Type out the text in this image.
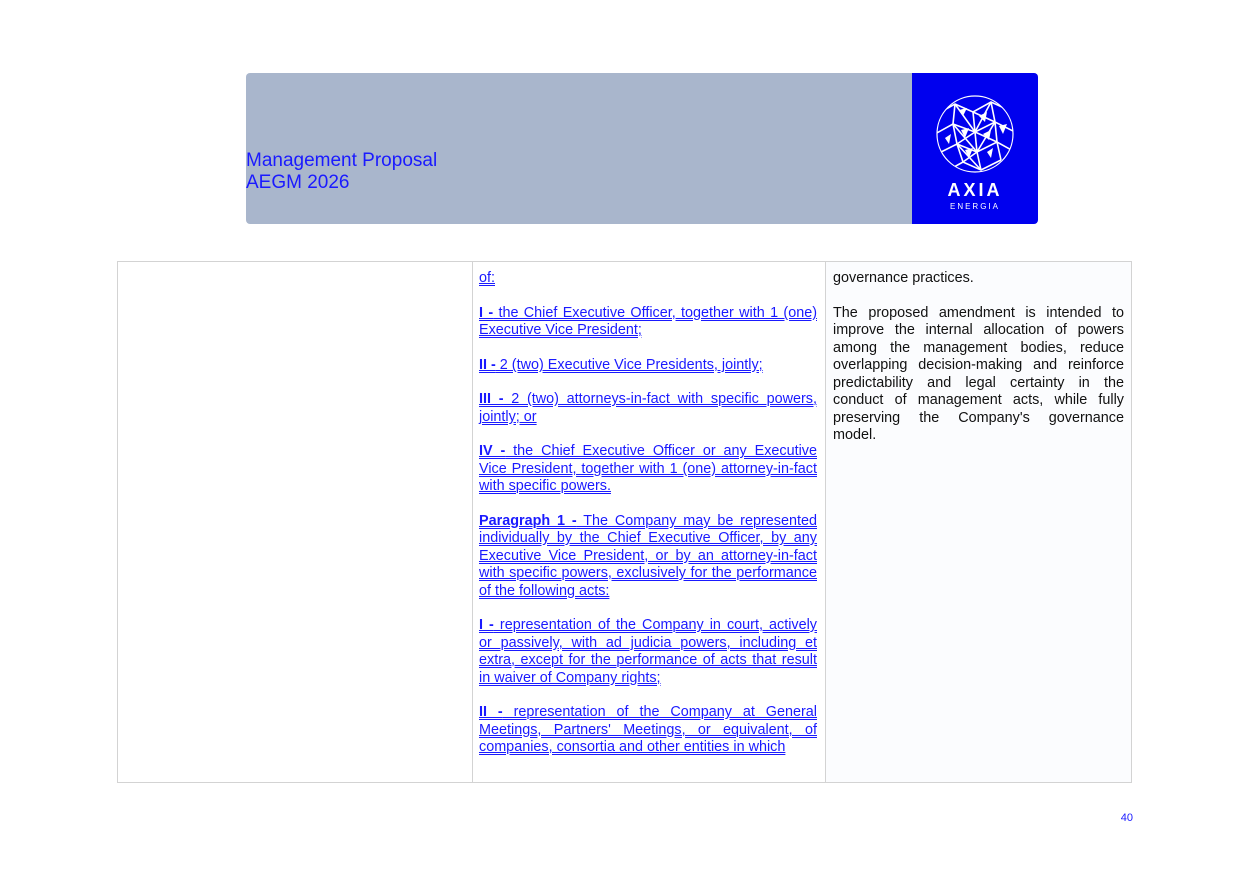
Management Proposal
AEGM 2026	AXIA
ENERGIA

of:

I - the Chief Executive Officer, together with 1 (one) Executive Vice President;

II - 2 (two) Executive Vice Presidents, jointly;

III - 2 (two) attorneys-in-fact with specific powers, jointly; or

IV - the Chief Executive Officer or any Executive Vice President, together with 1 (one) attorney-in-fact with specific powers.

Paragraph 1 - The Company may be represented individually by the Chief Executive Officer, by any Executive Vice President, or by an attorney-in-fact with specific powers, exclusively for the performance of the following acts:

I - representation of the Company in court, actively or passively, with ad judicia powers, including et extra, except for the performance of acts that result in waiver of Company rights;

II - representation of the Company at General Meetings, Partners' Meetings, or equivalent, of companies, consortia and other entities in which

governance practices.

The proposed amendment is intended to improve the internal allocation of powers among the management bodies, reduce overlapping decision-making and reinforce predictability and legal certainty in the conduct of management acts, while fully preserving the Company's governance model.

40
